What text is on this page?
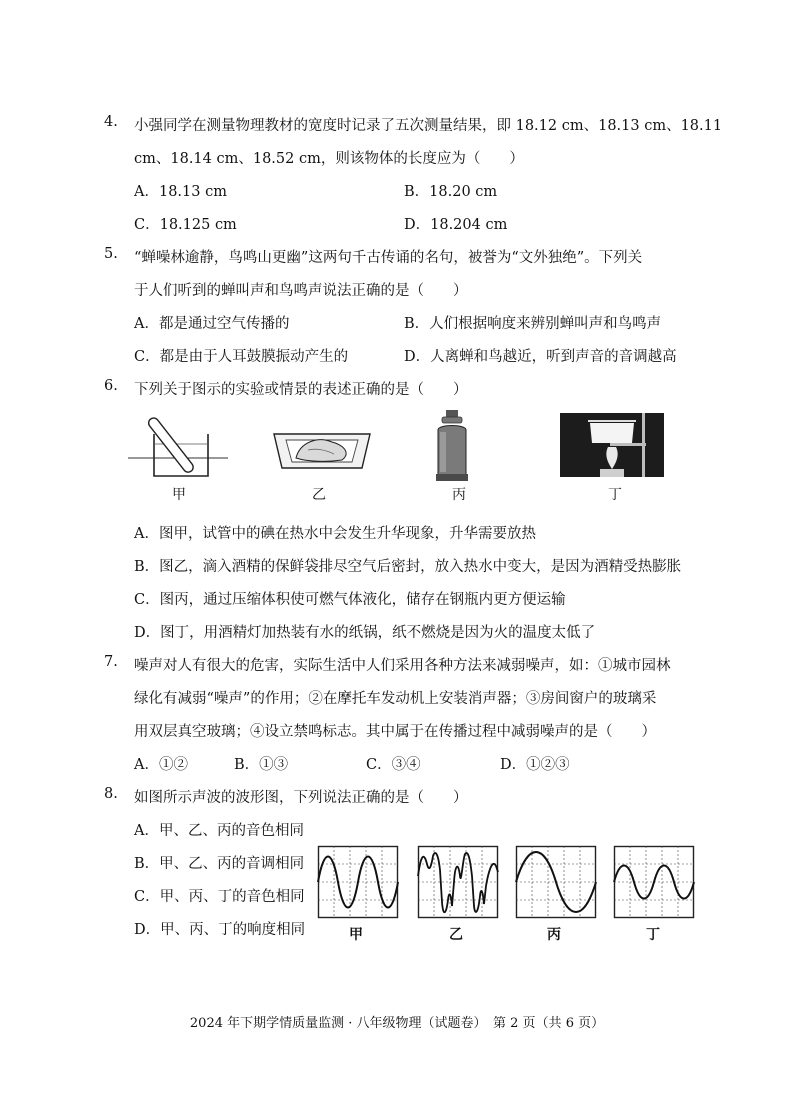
4. 小强同学在测量物理教材的宽度时记录了五次测量结果，即 18.12 cm、18.13 cm、18.11
cm、18.14 cm、18.52 cm，则该物体的长度应为（　　）
A．18.13 cm	B．18.20 cm
C．18.125 cm	D．18.204 cm
5. “蝉噪林逾静，鸟鸣山更幽”这两句千古传诵的名句，被誉为“文外独绝”。下列关
于人们听到的蝉叫声和鸟鸣声说法正确的是（　　）
A．都是通过空气传播的	B．人们根据响度来辨别蝉叫声和鸟鸣声
C．都是由于人耳鼓膜振动产生的	D．人离蝉和鸟越近，听到声音的音调越高
6. 下列关于图示的实验或情景的表述正确的是（　　）
甲	乙	丙	丁
A．图甲，试管中的碘在热水中会发生升华现象，升华需要放热
B．图乙，滴入酒精的保鲜袋排尽空气后密封，放入热水中变大，是因为酒精受热膨胀
C．图丙，通过压缩体积使可燃气体液化，储存在钢瓶内更方便运输
D．图丁，用酒精灯加热装有水的纸锅，纸不燃烧是因为火的温度太低了
7. 噪声对人有很大的危害，实际生活中人们采用各种方法来减弱噪声，如：①城市园林
绿化有减弱“噪声”的作用；②在摩托车发动机上安装消声器；③房间窗户的玻璃采
用双层真空玻璃；④设立禁鸣标志。其中属于在传播过程中减弱噪声的是（　　）
A．①②	B．①③	C．③④	D．①②③
8. 如图所示声波的波形图，下列说法正确的是（　　）
A．甲、乙、丙的音色相同
B．甲、乙、丙的音调相同
C．甲、丙、丁的音色相同
D．甲、丙、丁的响度相同	甲	乙	丙	丁
2024 年下期学情质量监测 · 八年级物理（试题卷）　第 2 页（共 6 页）
